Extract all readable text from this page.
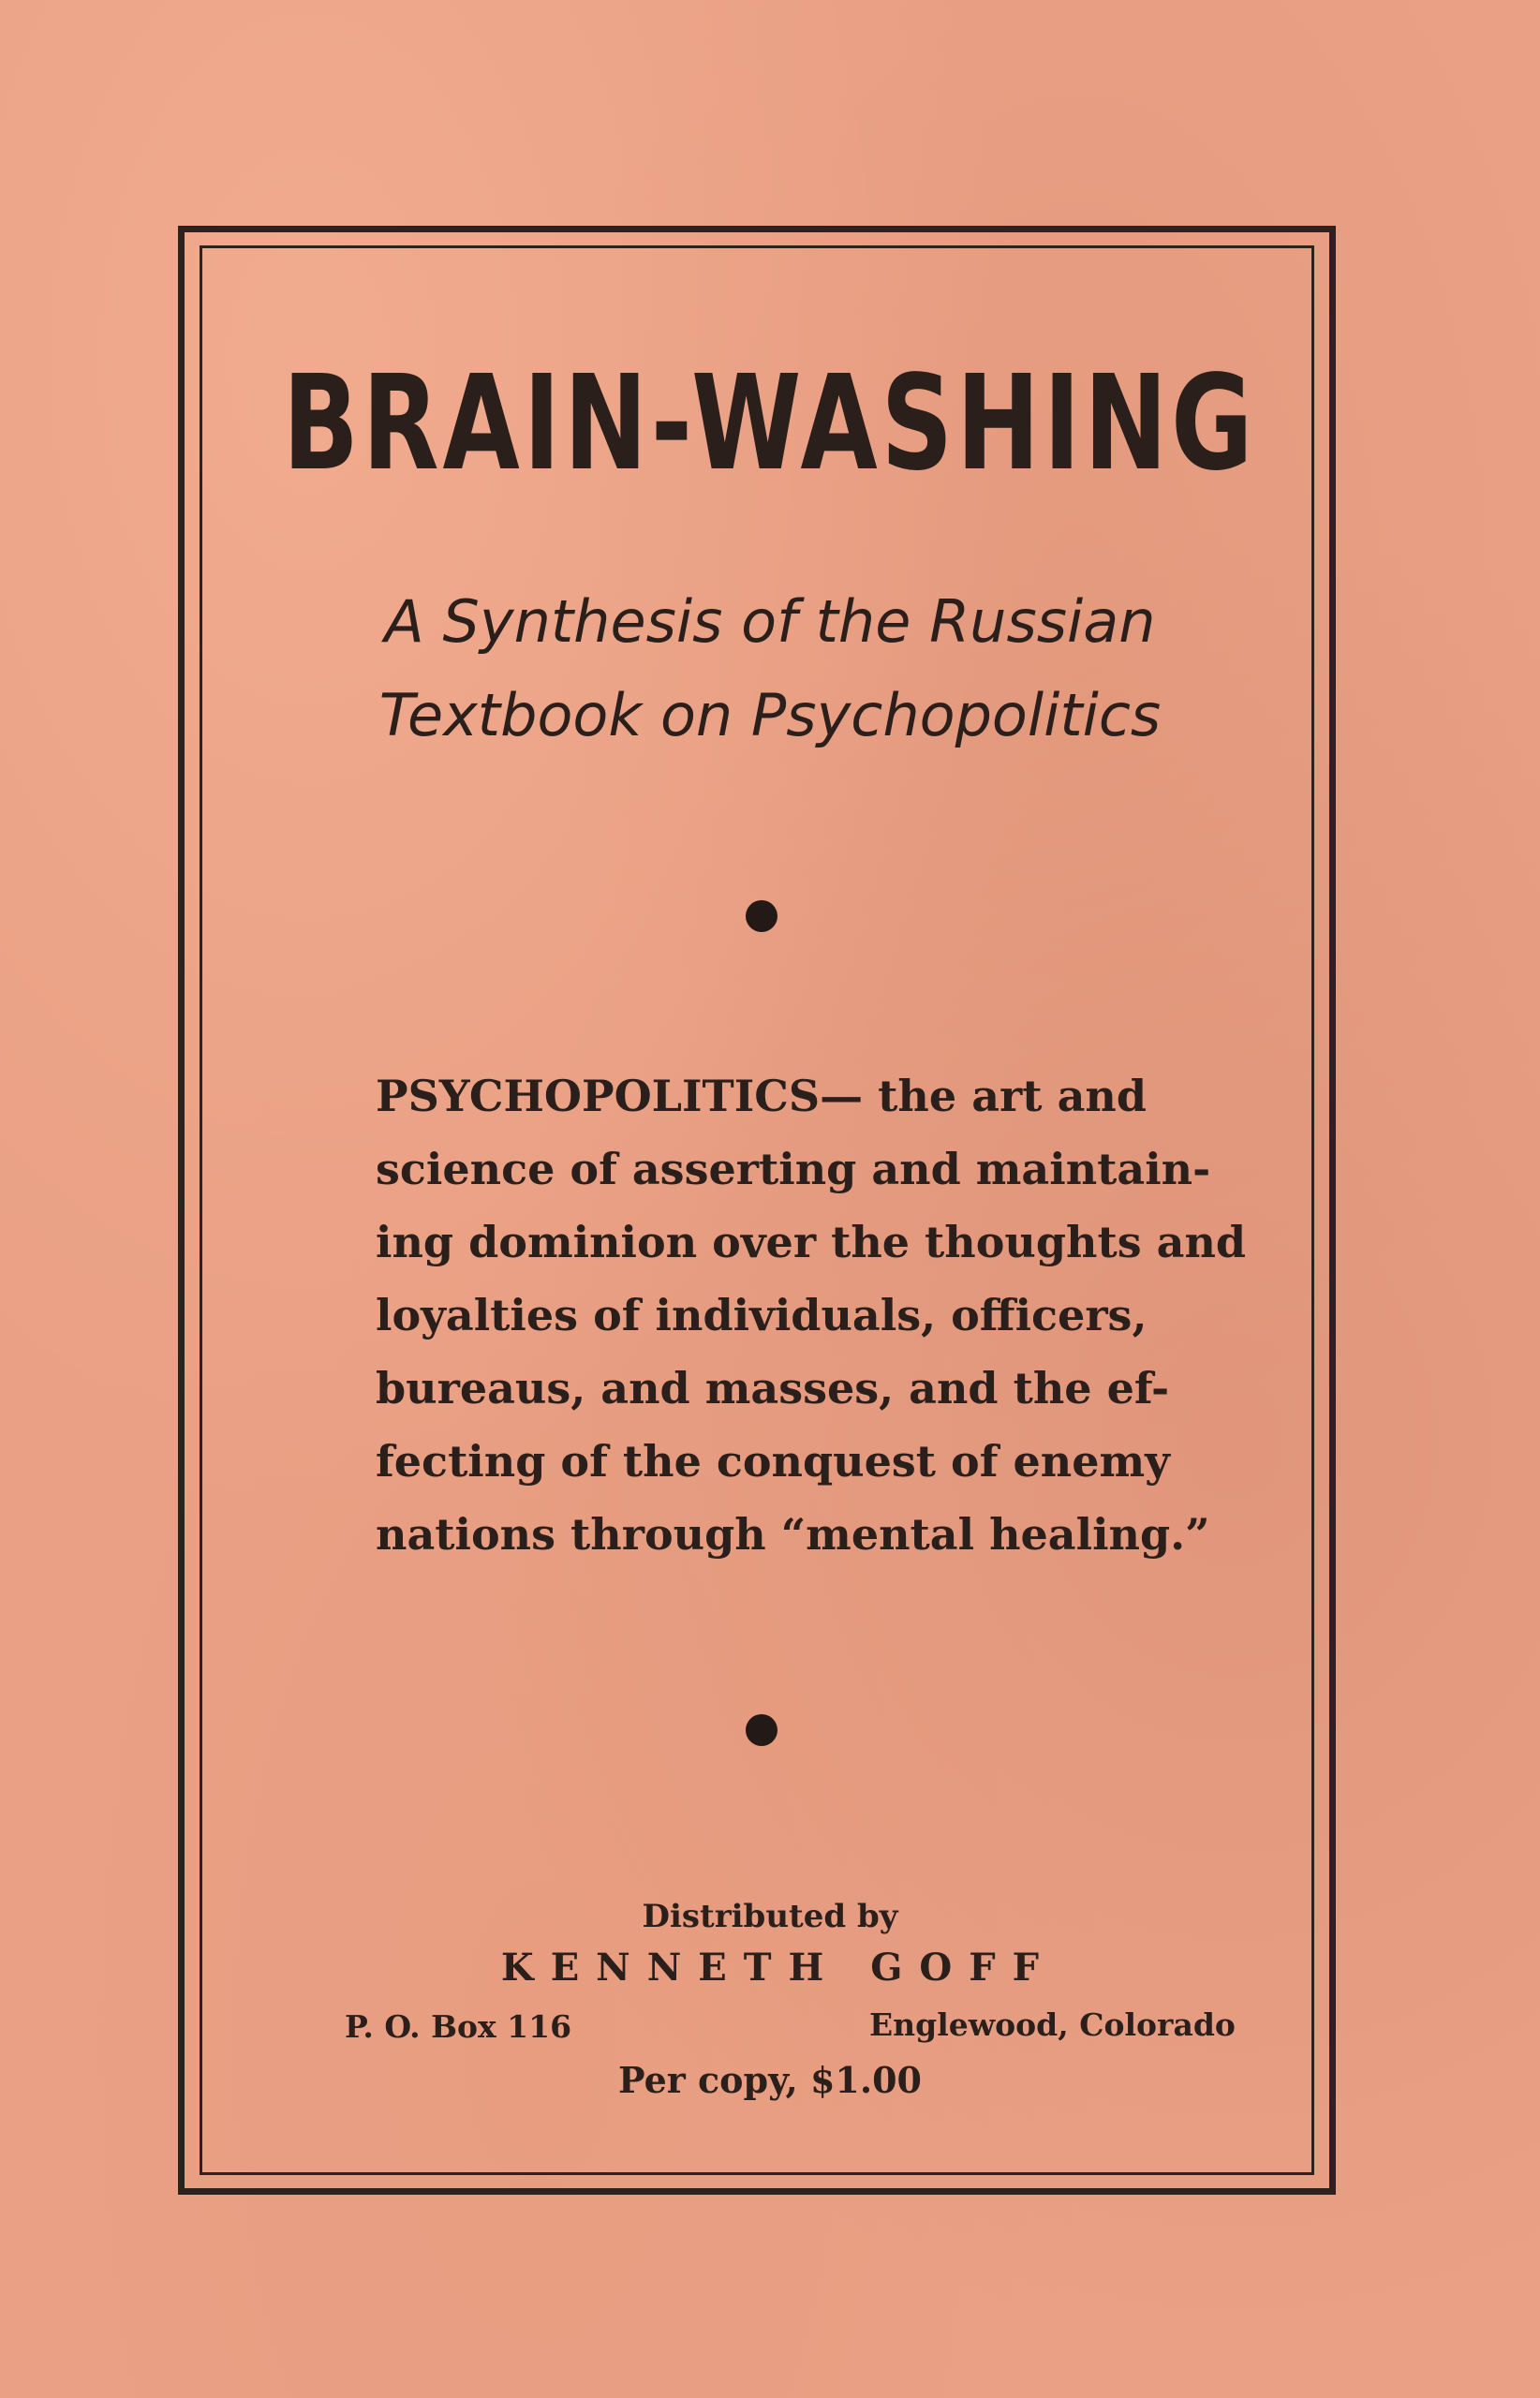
BRAIN-WASHING
A Synthesis of the Russian
Textbook on Psychopolitics
PSYCHOPOLITICS— the art and
science of asserting and maintain-
ing dominion over the thoughts and
loyalties of individuals, officers,
bureaus, and masses, and the ef-
fecting of the conquest of enemy
nations through “mental healing.”
Distributed by
KENNETH GOFF
P. O. Box 116	Englewood, Colorado
Per copy, $1.00
